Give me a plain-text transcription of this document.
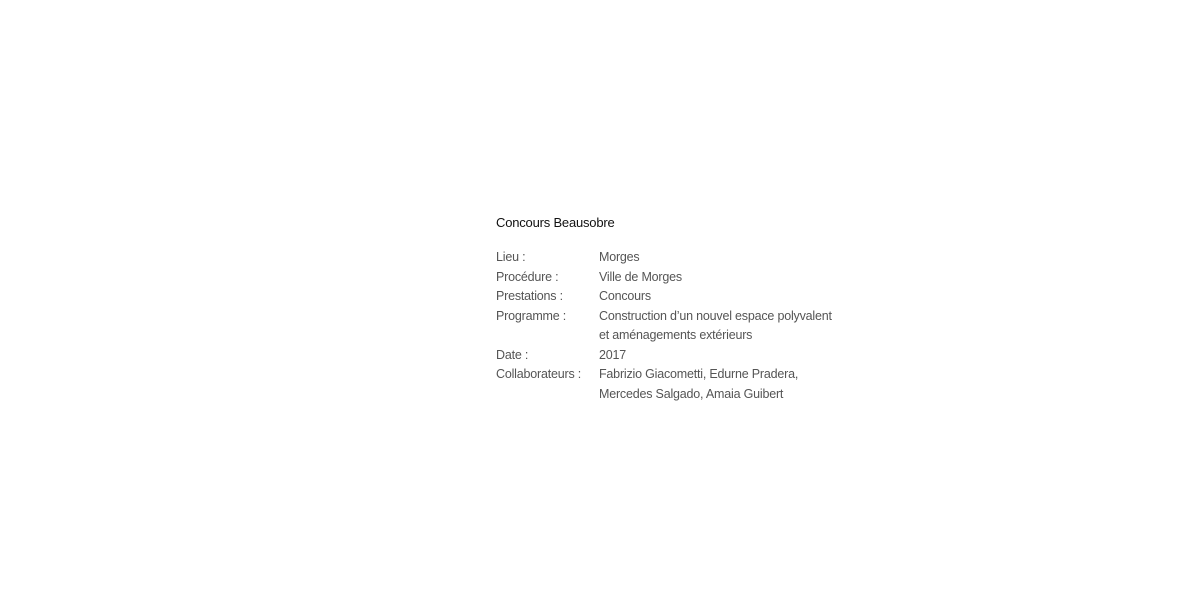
Concours Beausobre
Lieu :	Morges
Procédure :	Ville de Morges
Prestations :	Concours
Programme :	Construction d’un nouvel espace polyvalent
et aménagements extérieurs
Date :	2017
Collaborateurs :	Fabrizio Giacometti, Edurne Pradera,
Mercedes Salgado, Amaia Guibert
